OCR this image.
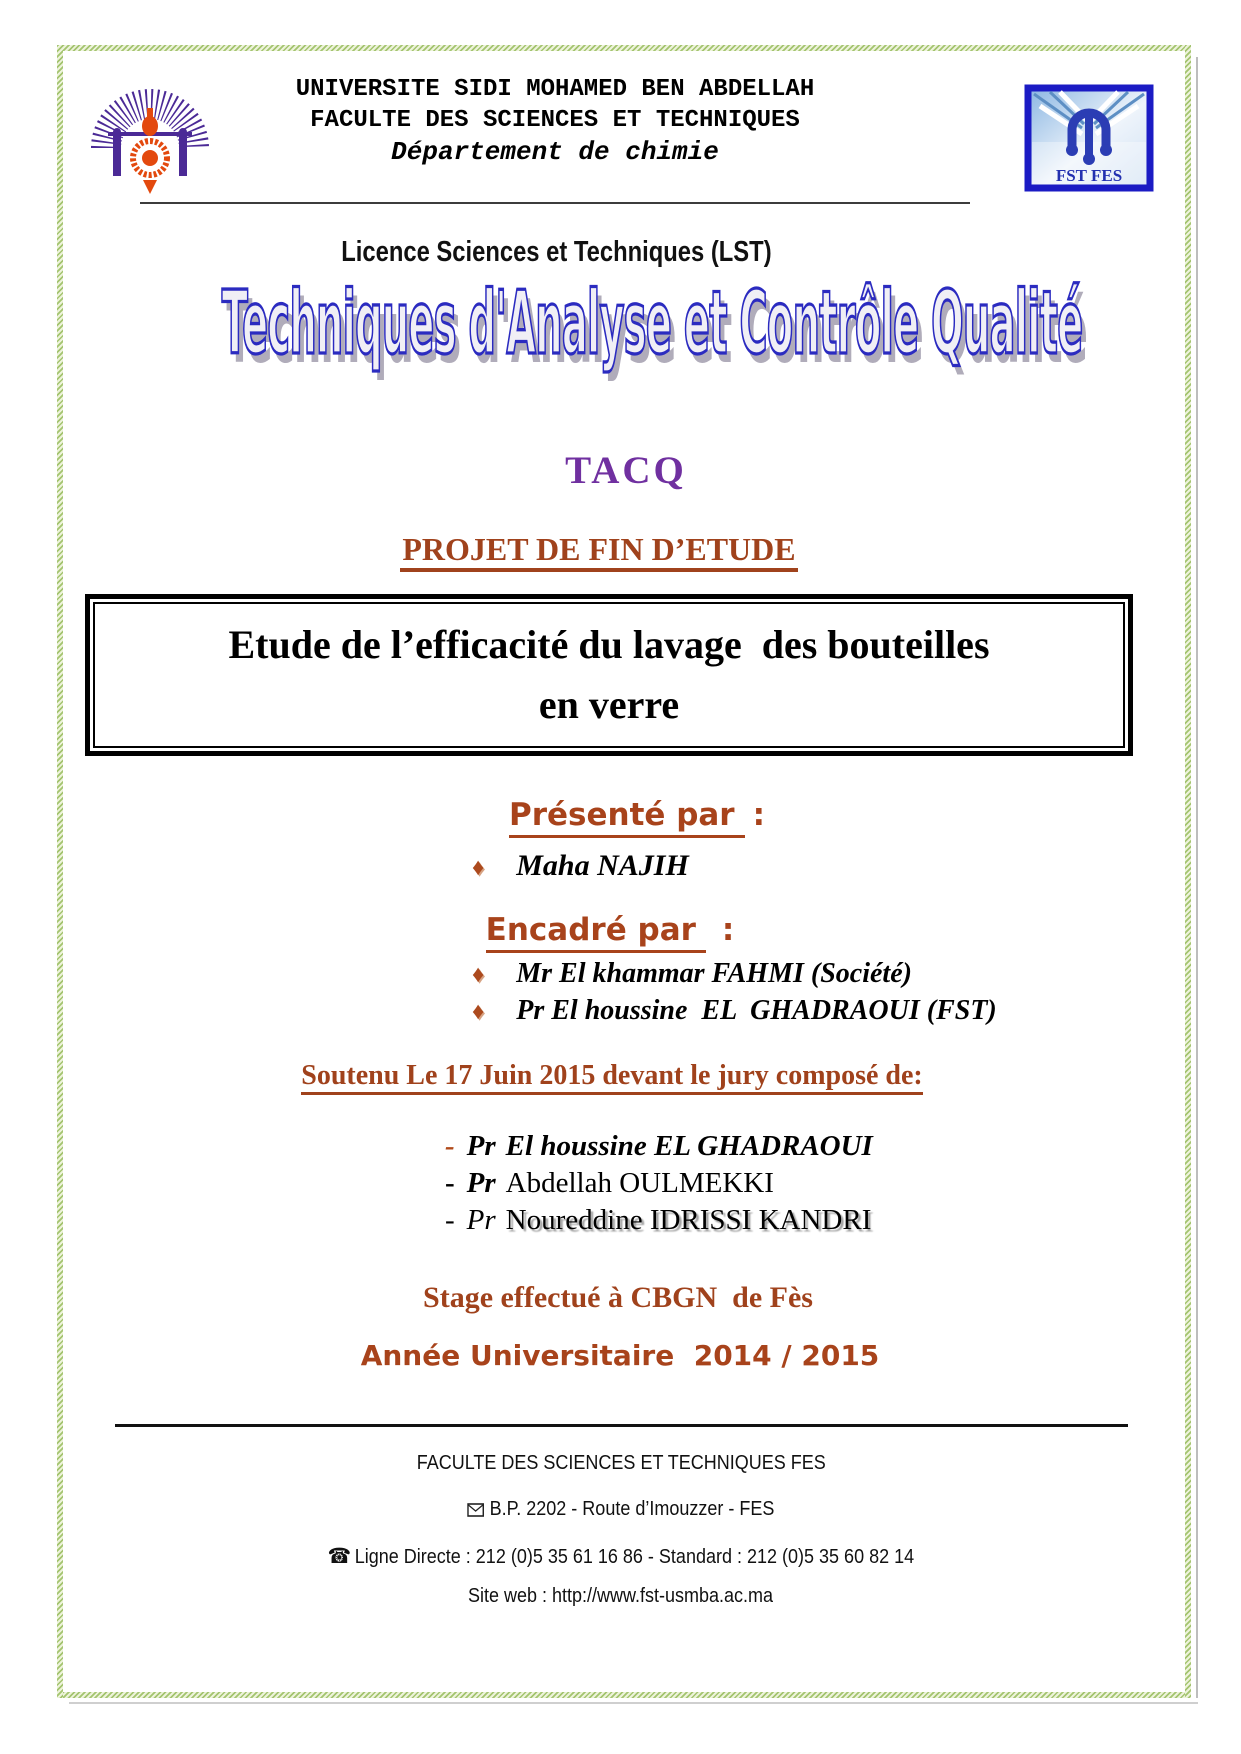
UNIVERSITE SIDI MOHAMED BEN ABDELLAH
FACULTE DES SCIENCES ET TECHNIQUES
Département de chimie
FST FES
Licence Sciences et Techniques (LST)
Techniques d'Analyse et Contrôle Qualité
TACQ
PROJET DE FIN D’ETUDE
Etude de l’efficacité du lavage  des bouteilles
en verre
Présenté par :
♦ Maha NAJIH
Encadré par :
♦ Mr El khammar FAHMI (Société)
♦ Pr El houssine  EL  GHADRAOUI (FST)
Soutenu Le 17 Juin 2015 devant le jury composé de:
- Pr El houssine EL GHADRAOUI
- Pr Abdellah OULMEKKI
- Pr Noureddine IDRISSI KANDRI
Stage effectué à CBGN  de Fès
Année Universitaire  2014 / 2015
FACULTE DES SCIENCES ET TECHNIQUES FES
B.P. 2202 - Route d’Imouzzer - FES
☎ Ligne Directe : 212 (0)5 35 61 16 86 - Standard : 212 (0)5 35 60 82 14
Site web : http://www.fst-usmba.ac.ma
